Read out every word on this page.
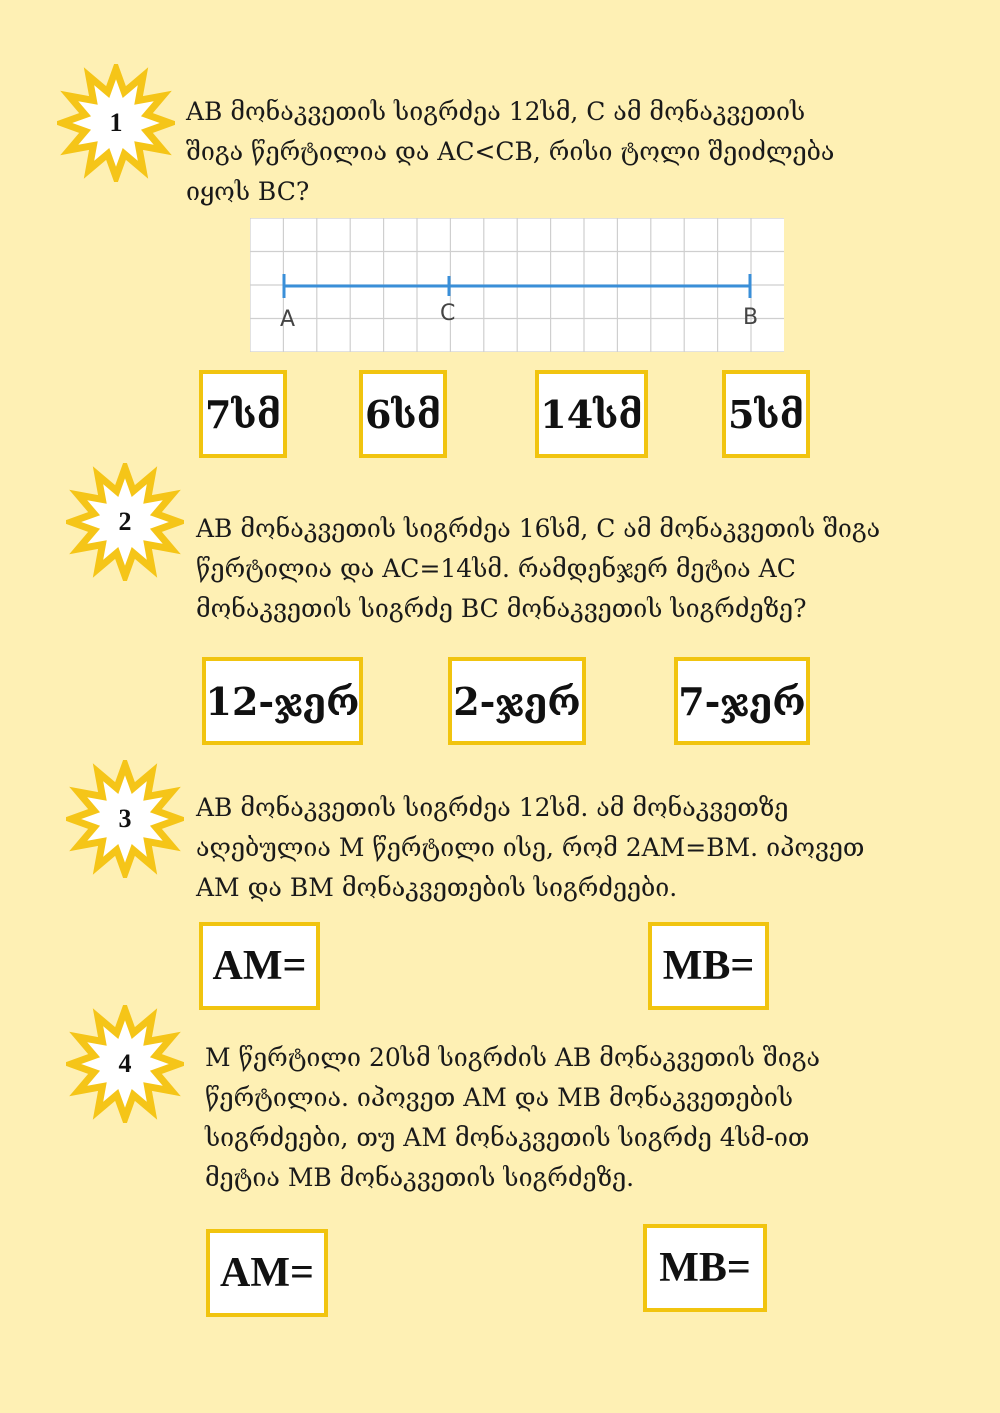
1	AB მონაკვეთის სიგრძეა 12სმ, C ამ მონაკვეთის შიგა წერტილია და AC<CB, რისი ტოლი შეიძლება იყოს BC?

A	C	B
7სმ 6სმ	14სმ 5სმ
2	AB მონაკვეთის სიგრძეა 16სმ, C ამ მონაკვეთის შიგა წერტილია და AC=14სმ. რამდენჯერ მეტია AC მონაკვეთის სიგრძე BC მონაკვეთის სიგრძეზე?

12-ჯერ 2-ჯერ	7-ჯერ
3	AB მონაკვეთის სიგრძეა 12სმ. ამ მონაკვეთზე აღებულია M წერტილი ისე, რომ 2AM=BM. იპოვეთ AM და BM მონაკვეთების სიგრძეები.

AM=	MB=
4	M წერტილი 20სმ სიგრძის AB მონაკვეთის შიგა წერტილია. იპოვეთ AM და MB მონაკვეთების სიგრძეები, თუ AM მონაკვეთის სიგრძე 4სმ-ით მეტია MB მონაკვეთის სიგრძეზე.

AM=	MB=
